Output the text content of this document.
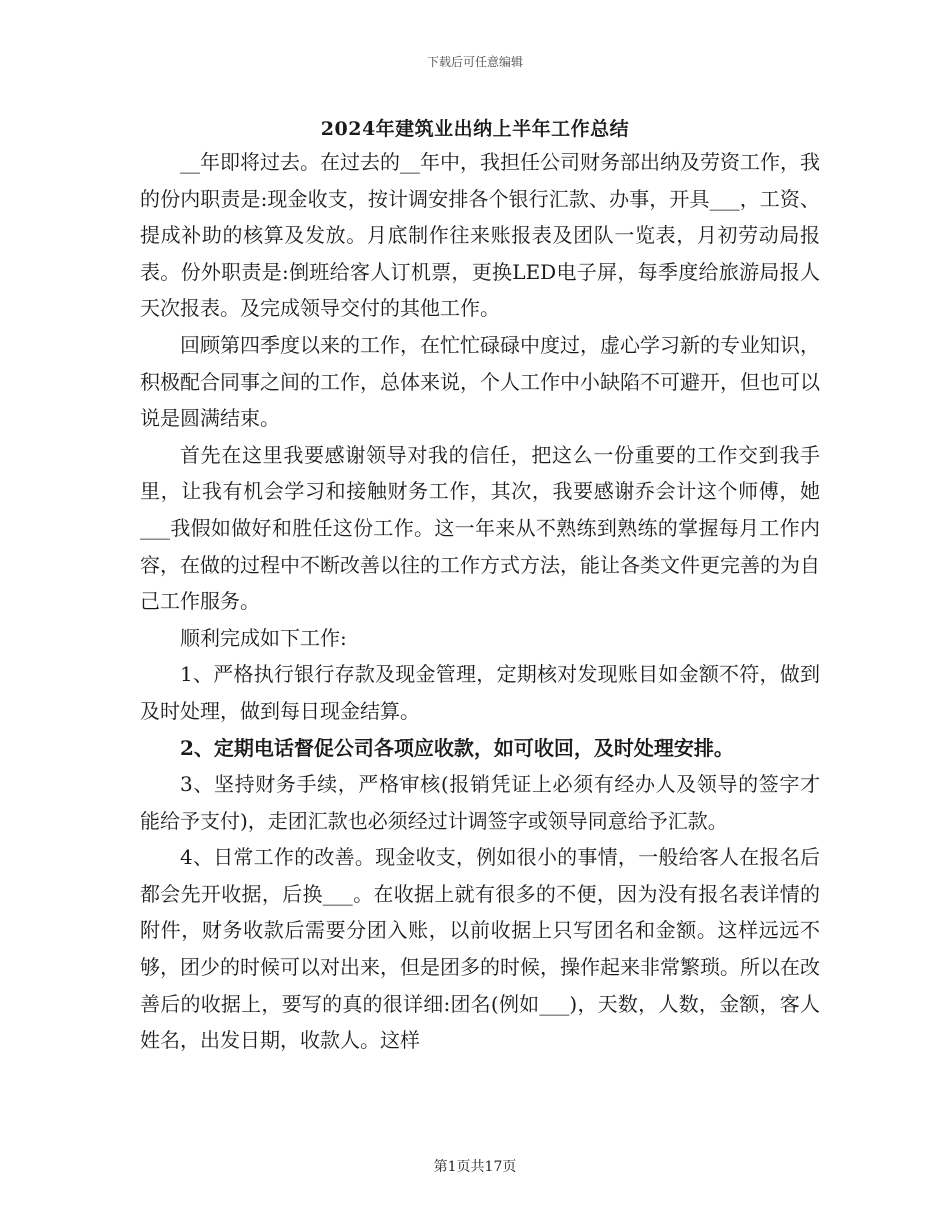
下载后可任意编辑
2024年建筑业出纳上半年工作总结

__年即将过去。在过去的__年中，我担任公司财务部出纳及劳资工作，我的份内职责是:现金收支，按计调安排各个银行汇款、办事，开具___，工资、提成补助的核算及发放。月底制作往来账报表及团队一览表，月初劳动局报表。份外职责是:倒班给客人订机票，更换LED电子屏，每季度给旅游局报人天次报表。及完成领导交付的其他工作。

回顾第四季度以来的工作，在忙忙碌碌中度过，虚心学习新的专业知识，积极配合同事之间的工作，总体来说，个人工作中小缺陷不可避开，但也可以说是圆满结束。

首先在这里我要感谢领导对我的信任，把这么一份重要的工作交到我手里，让我有机会学习和接触财务工作，其次，我要感谢乔会计这个师傅，她___我假如做好和胜任这份工作。这一年来从不熟练到熟练的掌握每月工作内容，在做的过程中不断改善以往的工作方式方法，能让各类文件更完善的为自己工作服务。

顺利完成如下工作:

1、严格执行银行存款及现金管理，定期核对发现账目如金额不符，做到及时处理，做到每日现金结算。

2、定期电话督促公司各项应收款，如可收回，及时处理安排。

3、坚持财务手续，严格审核(报销凭证上必须有经办人及领导的签字才能给予支付)，走团汇款也必须经过计调签字或领导同意给予汇款。

4、日常工作的改善。现金收支，例如很小的事情，一般给客人在报名后都会先开收据，后换___。在收据上就有很多的不便，因为没有报名表详情的附件，财务收款后需要分团入账，以前收据上只写团名和金额。这样远远不够，团少的时候可以对出来，但是团多的时候，操作起来非常繁琐。所以在改善后的收据上，要写的真的很详细:团名(例如___)，天数，人数，金额，客人姓名，出发日期，收款人。这样

第1页共17页
